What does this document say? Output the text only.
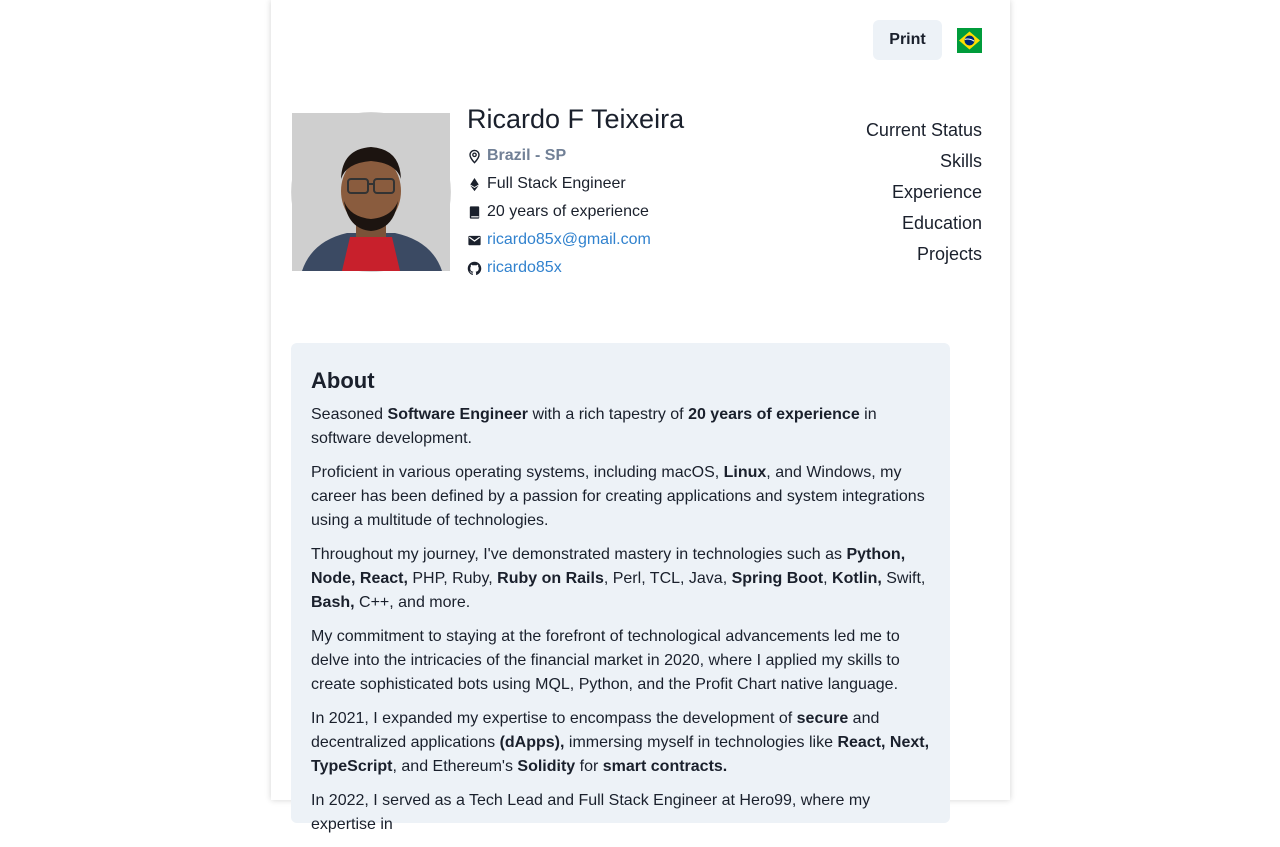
Print
Ricardo F Teixeira
Brazil - SP
Full Stack Engineer
20 years of experience
ricardo85x@gmail.com
ricardo85x
Current Status
Skills
Experience
Education
Projects
About

Seasoned Software Engineer with a rich tapestry of 20 years of experience in software development.

Proficient in various operating systems, including macOS, Linux, and Windows, my career has been defined by a passion for creating applications and system integrations using a multitude of technologies.

Throughout my journey, I've demonstrated mastery in technologies such as Python, Node, React, PHP, Ruby, Ruby on Rails, Perl, TCL, Java, Spring Boot, Kotlin, Swift, Bash, C++, and more.

My commitment to staying at the forefront of technological advancements led me to delve into the intricacies of the financial market in 2020, where I applied my skills to create sophisticated bots using MQL, Python, and the Profit Chart native language.

In 2021, I expanded my expertise to encompass the development of secure and decentralized applications (dApps), immersing myself in technologies like React, Next, TypeScript, and Ethereum's Solidity for smart contracts.

In 2022, I served as a Tech Lead and Full Stack Engineer at Hero99, where my expertise in
